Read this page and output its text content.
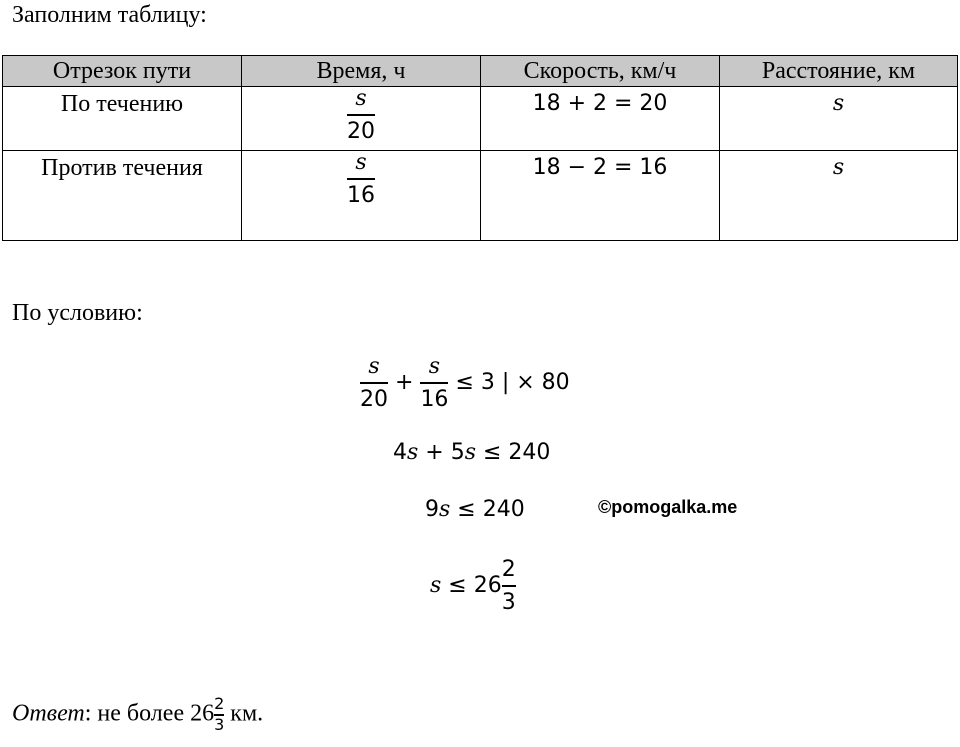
Заполним таблицу:
Отрезок пути	Время, ч	Скорость, км/ч	Расстояние, км

По течению	$\frac{s}{20}$	18 + 2 = 20	s

Против течения	$\frac{s}{16}$	18 − 2 = 16	s
По условию:
$\frac{s}{20} + \frac{s}{16} \le 3$ | × 80
4s + 5s ≤ 240
9s ≤ 240	©pomogalka.me
$s \le 26 \frac{2}{3}$
Ответ: не более $26 \frac{2}{3}$ км.
